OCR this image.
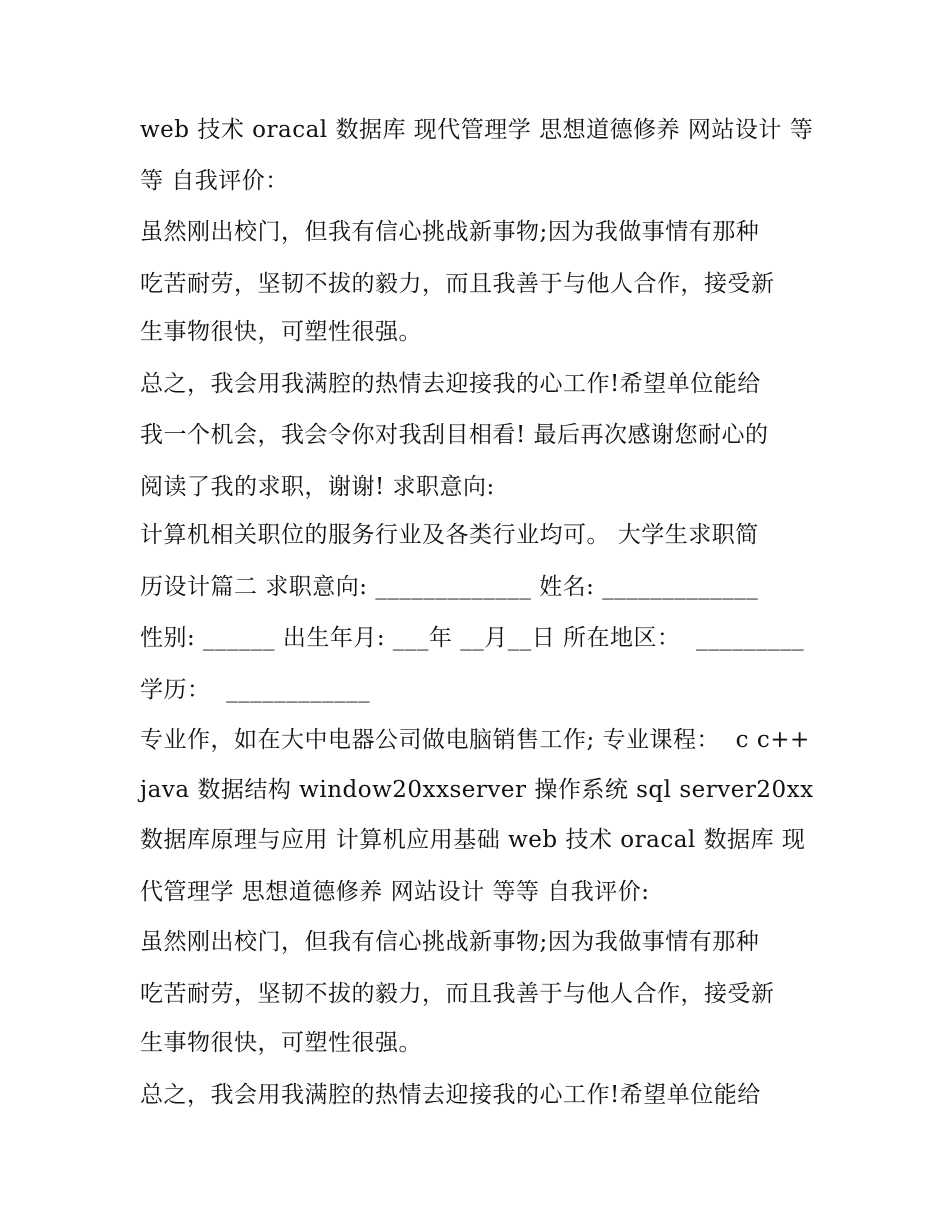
web 技术 oracal 数据库 现代管理学 思想道德修养 网站设计 等
等 自我评价：
虽然刚出校门，但我有信心挑战新事物;因为我做事情有那种
吃苦耐劳，坚韧不拔的毅力，而且我善于与他人合作，接受新
生事物很快，可塑性很强。
总之，我会用我满腔的热情去迎接我的心工作!希望单位能给
我一个机会，我会令你对我刮目相看! 最后再次感谢您耐心的
阅读了我的求职，谢谢! 求职意向:
计算机相关职位的服务行业及各类行业均可。 大学生求职简
历设计篇二 求职意向: _____________ 姓名: _____________
性别: ______ 出生年月: ___年 __月__日 所在地区：  _________
学历：  ____________
专业作，如在大中电器公司做电脑销售工作; 专业课程：  c c++
java 数据结构 window20xxserver 操作系统 sql server20xx
数据库原理与应用 计算机应用基础 web 技术 oracal 数据库 现
代管理学 思想道德修养 网站设计 等等 自我评价:
虽然刚出校门，但我有信心挑战新事物;因为我做事情有那种
吃苦耐劳，坚韧不拔的毅力，而且我善于与他人合作，接受新
生事物很快，可塑性很强。
总之，我会用我满腔的热情去迎接我的心工作!希望单位能给
